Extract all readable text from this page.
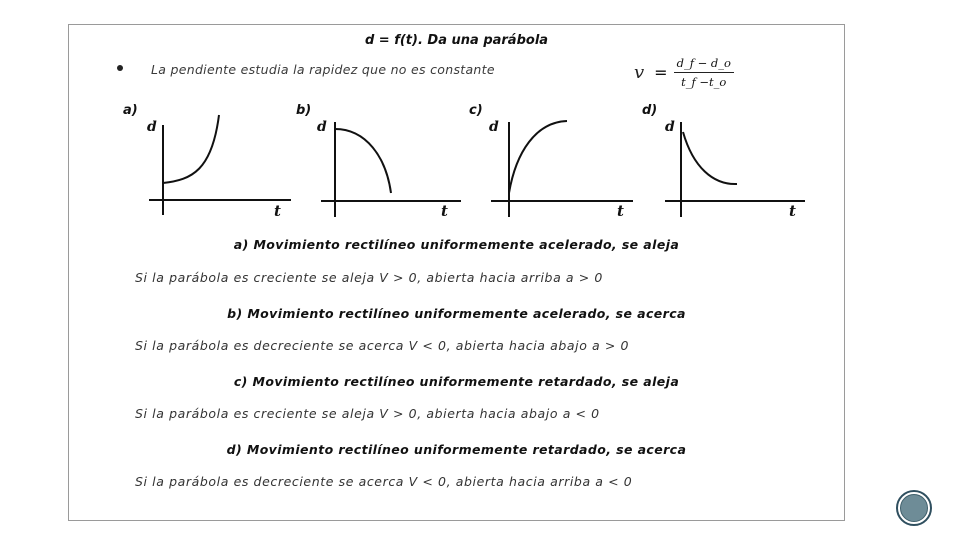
d = f(t). Da una parábola
La pendiente estudia la rapidez que no es constante	$v = \frac{d\_f - d\_o}{t\_f -t\_o}$
a)
d
t
b)
d
t
c)
d
t
d)
d
t
a) Movimiento rectilíneo uniformemente acelerado, se aleja
Si la parábola es creciente se aleja V > 0, abierta hacia arriba a > 0
b) Movimiento rectilíneo uniformemente acelerado, se acerca
Si la parábola es decreciente se acerca V < 0, abierta hacia abajo a > 0
c) Movimiento rectilíneo uniformemente retardado, se aleja
Si la parábola es creciente se aleja V > 0, abierta hacia abajo a < 0
d) Movimiento rectilíneo uniformemente retardado, se acerca
Si la parábola es decreciente se acerca V < 0, abierta hacia arriba a < 0
